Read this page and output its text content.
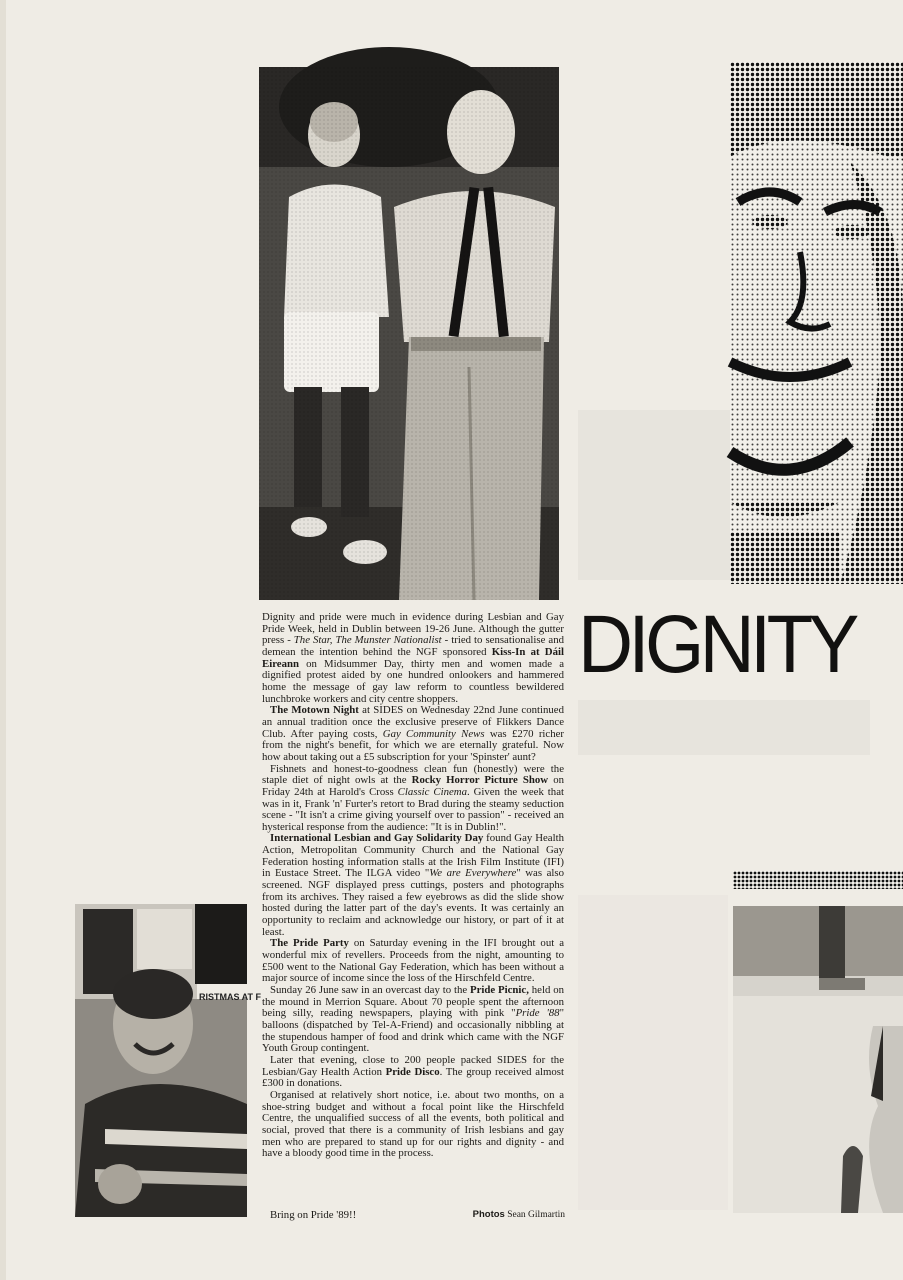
DIGNITY
RISTMAS AT F

Dignity and pride were much in evidence during Lesbian and Gay Pride Week, held in Dublin between 19-26 June. Although the gutter press - The Star, The Munster Nationalist - tried to sensationalise and demean the intention behind the NGF sponsored Kiss-In at Dáil Eireann on Midsummer Day, thirty men and women made a dignified protest aided by one hundred onlookers and hammered home the message of gay law reform to countless bewildered lunchbroke workers and city centre shoppers.

The Motown Night at SIDES on Wednesday 22nd June continued an annual tradition once the exclusive preserve of Flikkers Dance Club. After paying costs, Gay Community News was £270 richer from the night's benefit, for which we are eternally grateful. Now how about taking out a £5 subscription for your 'Spinster' aunt?

Fishnets and honest-to-goodness clean fun (honestly) were the staple diet of night owls at the Rocky Horror Picture Show on Friday 24th at Harold's Cross Classic Cinema. Given the week that was in it, Frank 'n' Furter's retort to Brad during the steamy seduction scene - "It isn't a crime giving yourself over to passion" - received an hysterical response from the audience: "It is in Dublin!".

International Lesbian and Gay Solidarity Day found Gay Health Action, Metropolitan Community Church and the National Gay Federation hosting information stalls at the Irish Film Institute (IFI) in Eustace Street. The ILGA video "We are Everywhere" was also screened. NGF displayed press cuttings, posters and photographs from its archives. They raised a few eyebrows as did the slide show hosted during the latter part of the day's events. It was certainly an opportunity to reclaim and acknowledge our history, or part of it at least.

The Pride Party on Saturday evening in the IFI brought out a wonderful mix of revellers. Proceeds from the night, amounting to £500 went to the National Gay Federation, which has been without a major source of income since the loss of the Hirschfeld Centre.

Sunday 26 June saw in an overcast day to the Pride Picnic, held on the mound in Merrion Square. About 70 people spent the afternoon being silly, reading newspapers, playing with pink "Pride '88" balloons (dispatched by Tel-A-Friend) and occasionally nibbling at the stupendous hamper of food and drink which came with the NGF Youth Group contingent.

Later that evening, close to 200 people packed SIDES for the Lesbian/Gay Health Action Pride Disco. The group received almost £300 in donations.

Organised at relatively short notice, i.e. about two months, on a shoe-string budget and without a focal point like the Hirschfeld Centre, the unqualified success of all the events, both political and social, proved that there is a community of Irish lesbians and gay men who are prepared to stand up for our rights and dignity - and have a bloody good time in the process.

Bring on Pride '89!!	Photos Sean Gilmartin
